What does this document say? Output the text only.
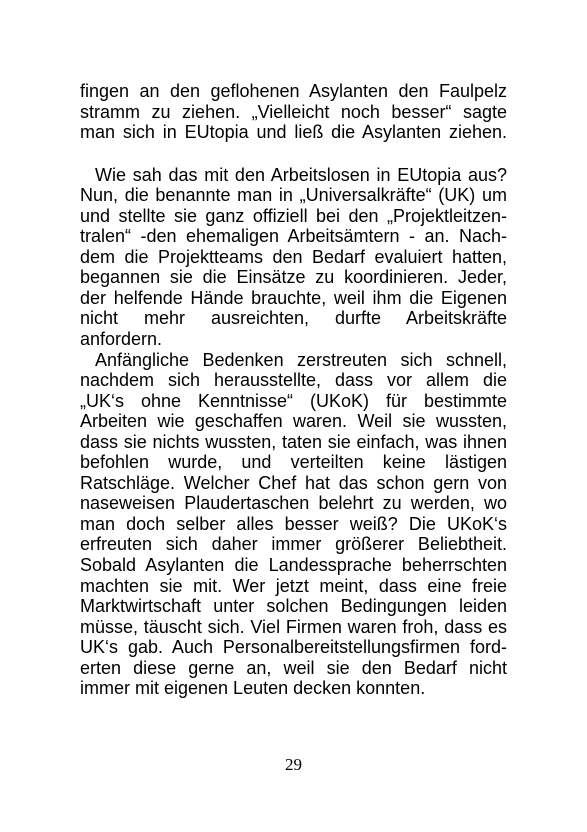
fingen an den geflohenen Asylanten den Faulpelz
stramm zu ziehen. „Vielleicht noch besser“ sagte
man sich in EUtopia und ließ die Asylanten ziehen.
Wie sah das mit den Arbeitslosen in EUtopia aus?
Nun, die benannte man in „Universalkräfte“ (UK) um
und stellte sie ganz offiziell bei den „Projektleitzen-
tralen“ -den ehemaligen Arbeitsämtern - an. Nach-
dem die Projektteams den Bedarf evaluiert hatten,
begannen sie die Einsätze zu koordinieren. Jeder,
der helfende Hände brauchte, weil ihm die Eigenen
nicht mehr ausreichten, durfte Arbeitskräfte
anfordern.
Anfängliche Bedenken zerstreuten sich schnell,
nachdem sich herausstellte, dass vor allem die
„UK‘s ohne Kenntnisse“ (UKoK) für bestimmte
Arbeiten wie geschaffen waren. Weil sie wussten,
dass sie nichts wussten, taten sie einfach, was ihnen
befohlen wurde, und verteilten keine lästigen
Ratschläge. Welcher Chef hat das schon gern von
naseweisen Plaudertaschen belehrt zu werden, wo
man doch selber alles besser weiß? Die UKoK‘s
erfreuten sich daher immer größerer Beliebtheit.
Sobald Asylanten die Landessprache beherrschten
machten sie mit. Wer jetzt meint, dass eine freie
Marktwirtschaft unter solchen Bedingungen leiden
müsse, täuscht sich. Viel Firmen waren froh, dass es
UK‘s gab. Auch Personalbereitstellungsfirmen ford-
erten diese gerne an, weil sie den Bedarf nicht
immer mit eigenen Leuten decken konnten.
29
